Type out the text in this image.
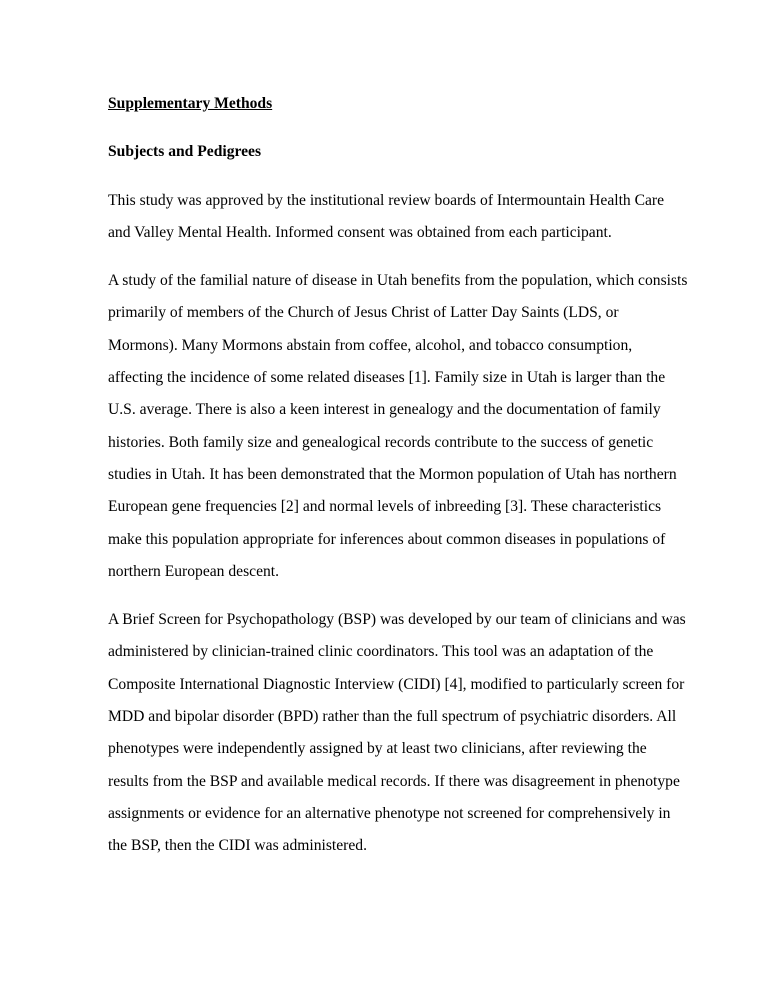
Supplementary Methods

Subjects and Pedigrees

This study was approved by the institutional review boards of Intermountain Health Care and Valley Mental Health. Informed consent was obtained from each participant.

A study of the familial nature of disease in Utah benefits from the population, which consists primarily of members of the Church of Jesus Christ of Latter Day Saints (LDS, or Mormons). Many Mormons abstain from coffee, alcohol, and tobacco consumption, affecting the incidence of some related diseases [1]. Family size in Utah is larger than the U.S. average. There is also a keen interest in genealogy and the documentation of family histories. Both family size and genealogical records contribute to the success of genetic studies in Utah. It has been demonstrated that the Mormon population of Utah has northern European gene frequencies [2] and normal levels of inbreeding [3]. These characteristics make this population appropriate for inferences about common diseases in populations of northern European descent.

A Brief Screen for Psychopathology (BSP) was developed by our team of clinicians and was administered by clinician-trained clinic coordinators. This tool was an adaptation of the Composite International Diagnostic Interview (CIDI) [4], modified to particularly screen for MDD and bipolar disorder (BPD) rather than the full spectrum of psychiatric disorders. All phenotypes were independently assigned by at least two clinicians, after reviewing the results from the BSP and available medical records. If there was disagreement in phenotype assignments or evidence for an alternative phenotype not screened for comprehensively in the BSP, then the CIDI was administered.
